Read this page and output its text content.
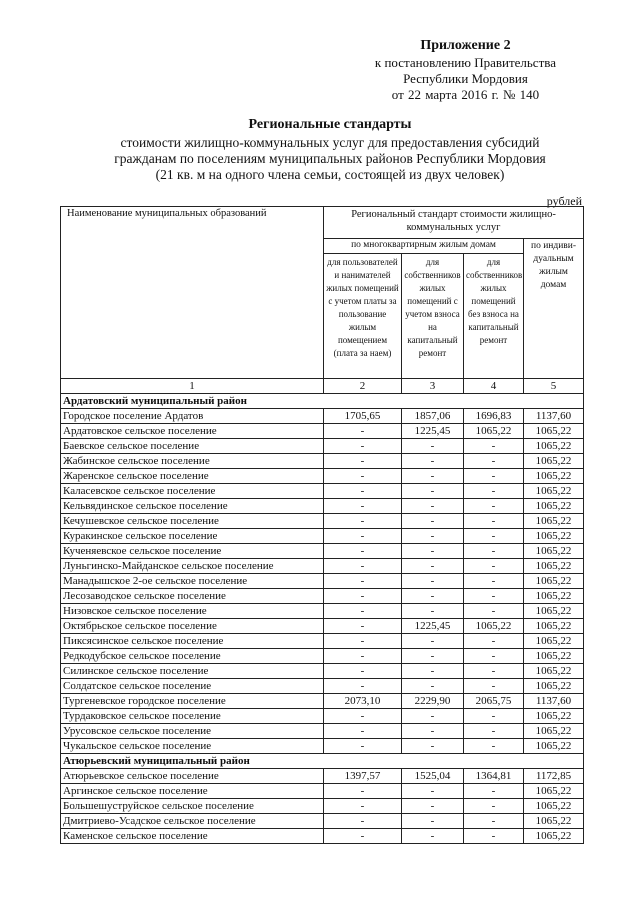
Приложение 2
к постановлению Правительства
Республики Мордовия
от 22 марта 2016 г. № 140
Региональные стандарты
стоимости жилищно-коммунальных услуг для предоставления субсидий
гражданам по поселениям муниципальных районов Республики Мордовия
(21 кв. м на одного члена семьи, состоящей из двух человек)
рублей
Наименование муниципальных образований	Региональный стандарт стоимости жилищно-коммунальных услуг			
	по многоквартирным жилым домам			по индиви-дуальным жилым домам
	для пользователей и нанимателей жилых помещений с учетом платы за пользование жилым помещением (плата за наем)	для собственников жилых помещений с учетом взноса на капитальный ремонт	для собственников жилых помещений без взноса на капитальный ремонт	
1	2	3	4	5
Ардатовский муниципальный район				
Городское поселение Ардатов	1705,65	1857,06	1696,83	1137,60
Ардатовское сельское поселение	-	1225,45	1065,22	1065,22
Баевское сельское поселение	-	-	-	1065,22
Жабинское сельское поселение	-	-	-	1065,22
Жаренское сельское поселение	-	-	-	1065,22
Каласевское сельское поселение	-	-	-	1065,22
Кельвядинское сельское поселение	-	-	-	1065,22
Кечушевское сельское поселение	-	-	-	1065,22
Куракинское сельское поселение	-	-	-	1065,22
Кученяевское сельское поселение	-	-	-	1065,22
Луньгинско-Майданское сельское поселение	-	-	-	1065,22
Манадышское 2-ое сельское поселение	-	-	-	1065,22
Лесозаводское сельское поселение	-	-	-	1065,22
Низовское сельское поселение	-	-	-	1065,22
Октябрьское сельское поселение	-	1225,45	1065,22	1065,22
Пиксясинское сельское поселение	-	-	-	1065,22
Редкодубское сельское поселение	-	-	-	1065,22
Силинское сельское поселение	-	-	-	1065,22
Солдатское сельское поселение	-	-	-	1065,22
Тургеневское городское поселение	2073,10	2229,90	2065,75	1137,60
Турдаковское сельское поселение	-	-	-	1065,22
Урусовское сельское поселение	-	-	-	1065,22
Чукальское сельское поселение	-	-	-	1065,22
Атюрьевский муниципальный район				
Атюрьевское сельское поселение	1397,57	1525,04	1364,81	1172,85
Аргинское сельское поселение	-	-	-	1065,22
Большешуструйское сельское поселение	-	-	-	1065,22
Дмитриево-Усадское сельское поселение	-	-	-	1065,22
Каменское сельское поселение	-	-	-	1065,22
